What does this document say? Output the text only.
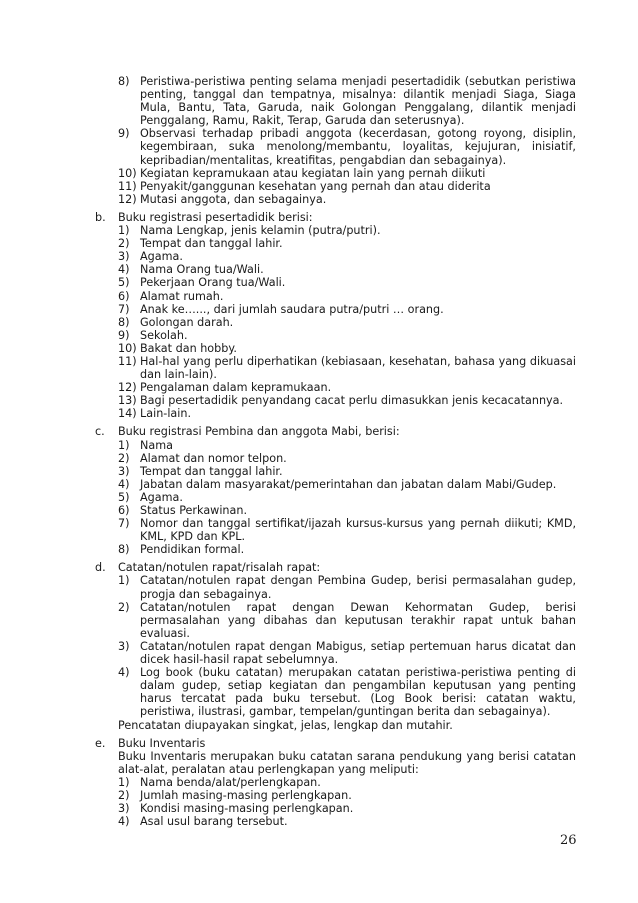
8) Peristiwa-peristiwa penting selama menjadi pesertadidik (sebutkan peristiwa penting, tanggal dan tempatnya, misalnya: dilantik menjadi Siaga, Siaga Mula, Bantu, Tata, Garuda, naik Golongan Penggalang, dilantik menjadi Penggalang, Ramu, Rakit, Terap, Garuda dan seterusnya).
9) Observasi terhadap pribadi anggota (kecerdasan, gotong royong, disiplin, kegembiraan, suka menolong/membantu, loyalitas, kejujuran, inisiatif, kepribadian/mentalitas, kreatifitas, pengabdian dan sebagainya).
10) Kegiatan kepramukaan atau kegiatan lain yang pernah diikuti
11) Penyakit/ganggunan kesehatan yang pernah dan atau diderita
12) Mutasi anggota, dan sebagainya.
b. Buku registrasi pesertadidik berisi:
1) Nama Lengkap, jenis kelamin (putra/putri).
2) Tempat dan tanggal lahir.
3) Agama.
4) Nama Orang tua/Wali.
5) Pekerjaan Orang tua/Wali.
6) Alamat rumah.
7) Anak ke…..., dari jumlah saudara putra/putri … orang.
8) Golongan darah.
9) Sekolah.
10) Bakat dan hobby.
11) Hal-hal yang perlu diperhatikan (kebiasaan, kesehatan, bahasa yang dikuasai dan lain-lain).
12) Pengalaman dalam kepramukaan.
13) Bagi pesertadidik penyandang cacat perlu dimasukkan jenis kecacatannya.
14) Lain-lain.
c. Buku registrasi Pembina dan anggota Mabi, berisi:
1) Nama
2) Alamat dan nomor telpon.
3) Tempat dan tanggal lahir.
4) Jabatan dalam masyarakat/pemerintahan dan jabatan dalam Mabi/Gudep.
5) Agama.
6) Status Perkawinan.
7) Nomor dan tanggal sertifikat/ijazah kursus-kursus yang pernah diikuti; KMD, KML, KPD dan KPL.
8) Pendidikan formal.
d. Catatan/notulen rapat/risalah rapat:
1) Catatan/notulen rapat dengan Pembina Gudep, berisi permasalahan gudep, progja dan sebagainya.
2) Catatan/notulen rapat dengan Dewan Kehormatan Gudep, berisi permasalahan yang dibahas dan keputusan terakhir rapat untuk bahan evaluasi.
3) Catatan/notulen rapat dengan Mabigus, setiap pertemuan harus dicatat dan dicek hasil-hasil rapat sebelumnya.
4) Log book (buku catatan) merupakan catatan peristiwa-peristiwa penting di dalam gudep, setiap kegiatan dan pengambilan keputusan yang penting harus tercatat pada buku tersebut. (Log Book berisi: catatan waktu, peristiwa, ilustrasi, gambar, tempelan/guntingan berita dan sebagainya).
Pencatatan diupayakan singkat, jelas, lengkap dan mutahir.
e. Buku Inventaris
Buku Inventaris merupakan buku catatan sarana pendukung yang berisi catatan alat-alat, peralatan atau perlengkapan yang meliputi:
1) Nama benda/alat/perlengkapan.
2) Jumlah masing-masing perlengkapan.
3) Kondisi masing-masing perlengkapan.
4) Asal usul barang tersebut.
26
